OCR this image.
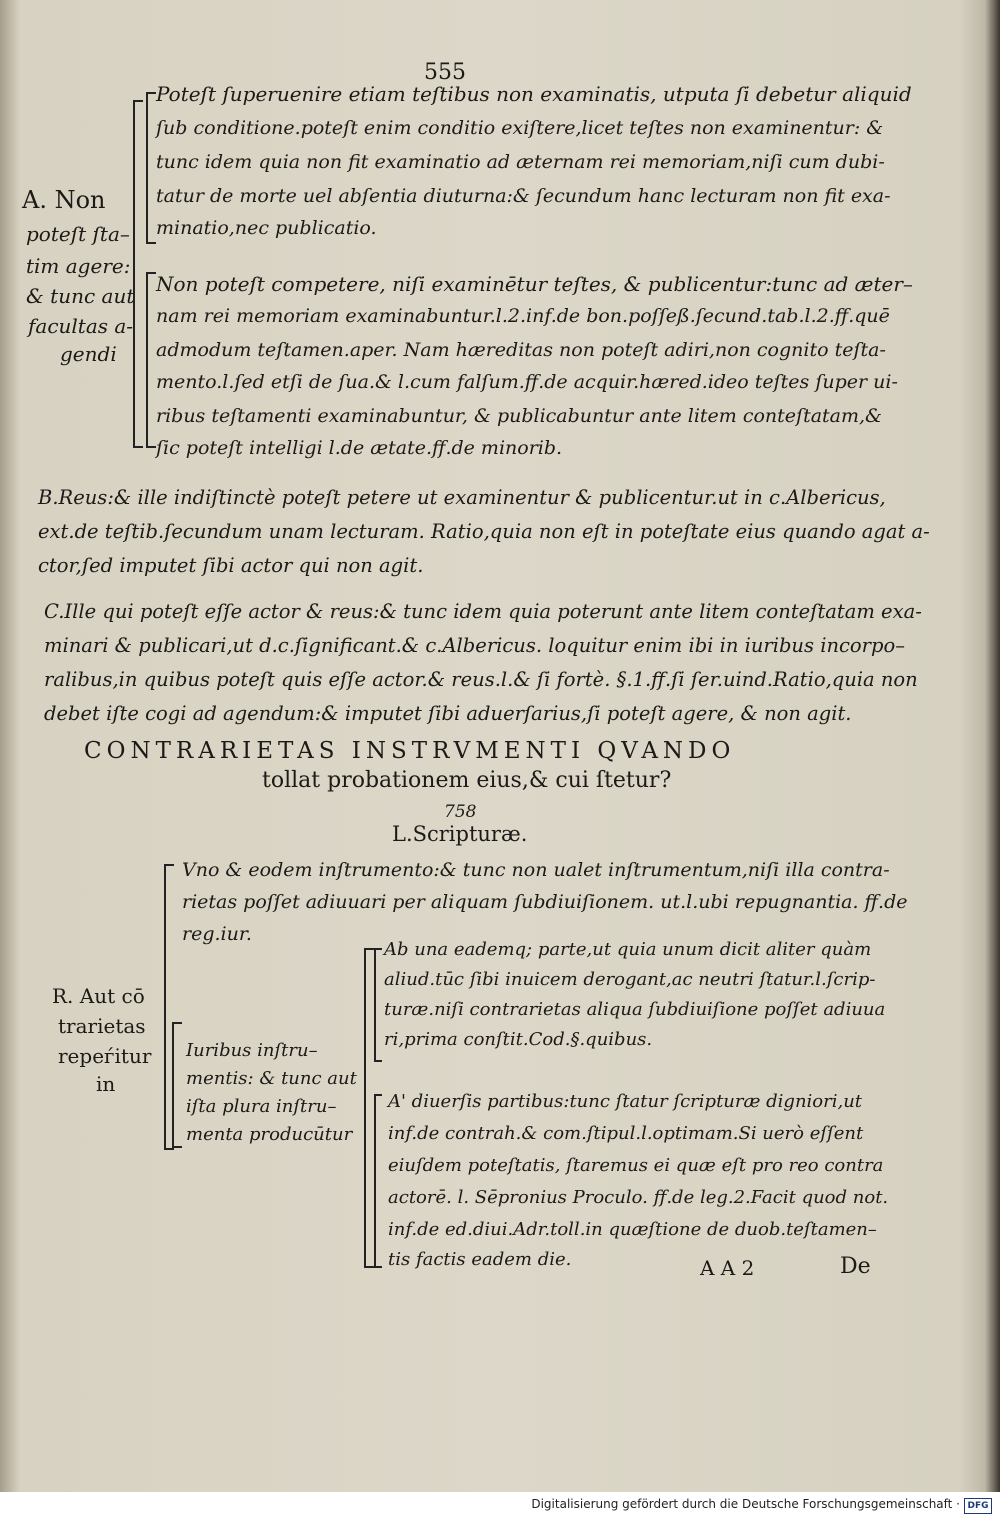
555
A. Non
poteſt ſta–
tim agere:
& tunc aut
facultas a-
gendi
Poteſt ſuperuenire etiam teſtibus non examinatis, utputa ſi debetur aliquid
ſub conditione.poteſt enim conditio exiſtere,licet teſtes non examinentur: &
tunc idem quia non fit examinatio ad æternam rei memoriam,niſi cum dubi-
tatur de morte uel abſentia diuturna:& ſecundum hanc lecturam non fit exa-
minatio,nec publicatio.
Non poteſt competere, niſi examinētur teſtes, & publicentur:tunc ad æter–
nam rei memoriam examinabuntur.l.2.inf.de bon.poſſeß.ſecund.tab.l.2.ff.quē
admodum teſtamen.aper. Nam hæreditas non poteſt adiri,non cognito teſta-
mento.l.ſed etſi de ſua.& l.cum falſum.ff.de acquir.hæred.ideo teſtes ſuper ui-
ribus teſtamenti examinabuntur, & publicabuntur ante litem conteſtatam,&
ſic poteſt intelligi l.de ætate.ff.de minorib.
B.Reus:& ille indiſtinctè poteſt petere ut examinentur & publicentur.ut in c.Albericus,
ext.de teſtib.ſecundum unam lecturam. Ratio,quia non eſt in poteſtate eius quando agat a-
ctor,ſed imputet ſibi actor qui non agit.
C.Ille qui poteſt eſſe actor & reus:& tunc idem quia poterunt ante litem conteſtatam exa-
minari & publicari,ut d.c.ſignificant.& c.Albericus. loquitur enim ibi in iuribus incorpo–
ralibus,in quibus poteſt quis eſſe actor.& reus.l.& ſi fortè. §.1.ff.ſi ſer.uind.Ratio,quia non
debet iſte cogi ad agendum:& imputet ſibi aduerſarius,ſi poteſt agere, & non agit.
CONTRARIETAS INSTRVMENTI QVANDO
tollat probationem eius,& cui ſtetur?
758
L.Scripturæ.
R. Aut cō
trarietas
repeѓitur
in
Vno & eodem inſtrumento:& tunc non ualet inſtrumentum,niſi illa contra-
rietas poſſet adiuuari per aliquam ſubdiuiſionem. ut.l.ubi repugnantia. ff.de
reg.iur.
Iuribus inſtru–
mentis: & tunc aut
iſta plura inſtru–
menta producūtur
Ab una eademq; parte,ut quia unum dicit aliter quàm
aliud.tūc ſibi inuicem derogant,ac neutri ſtatur.l.ſcrip-
turæ.niſi contrarietas aliqua ſubdiuiſione poſſet adiuua
ri,prima conſtit.Cod.§.quibus.
A' diuerſis partibus:tunc ſtatur ſcripturæ digniori,ut
inf.de contrah.& com.ſtipul.l.optimam.Si uerò eſſent
eiuſdem poteſtatis, ſtaremus ei quæ eſt pro reo contra
actorē. l. Sēpronius Proculo. ff.de leg.2.Facit quod not.
inf.de ed.diui.Adr.toll.in quæſtione de duob.teſtamen–
tis factis eadem die.	A A 2	De
Digitalisierung gefördert durch die Deutsche Forschungsgemeinschaft · DFG
